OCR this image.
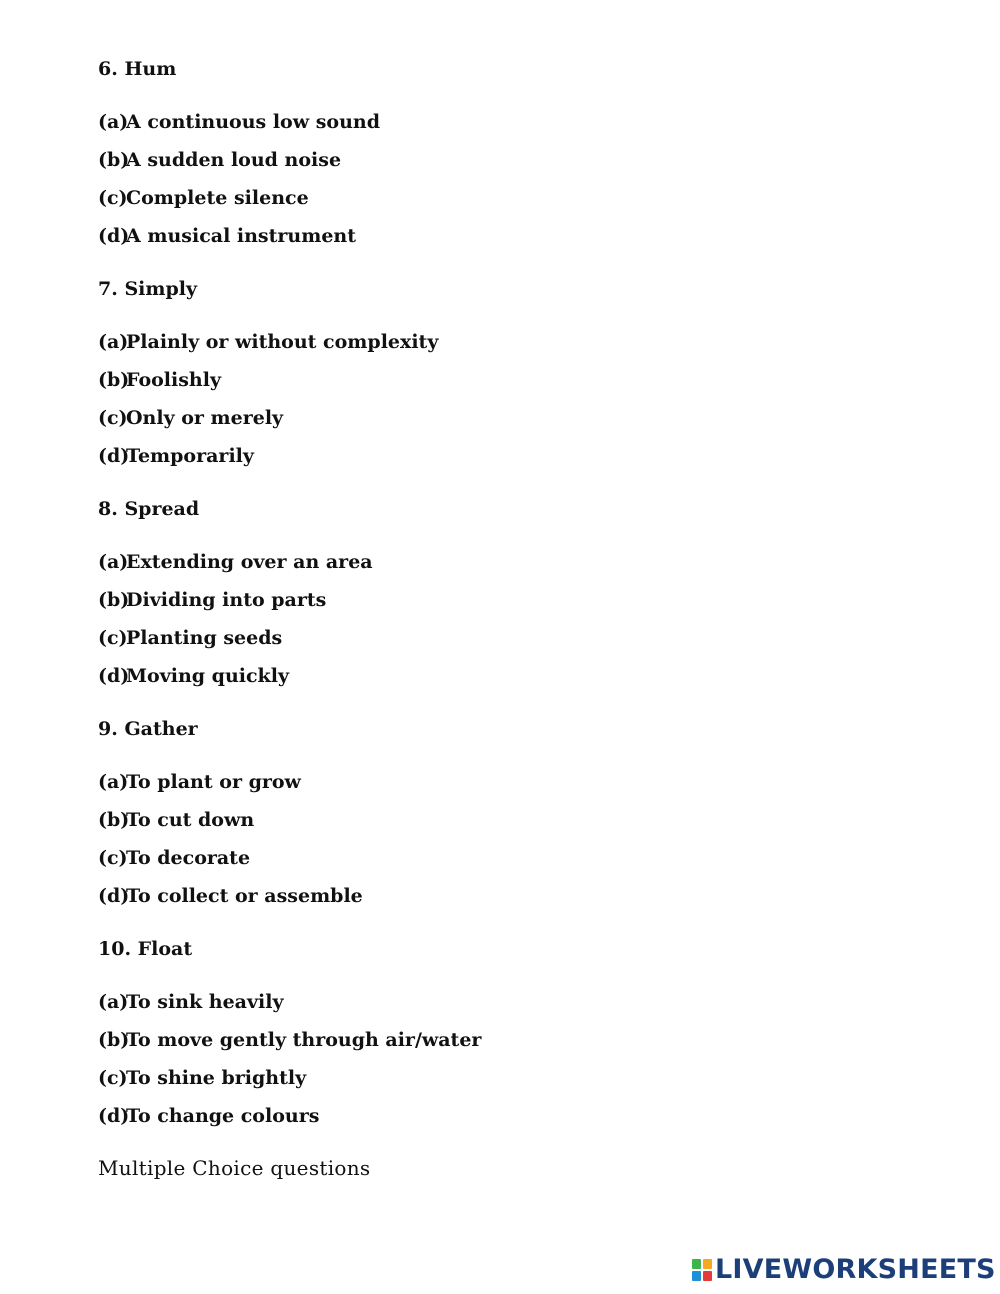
6. Hum
(a)
A continuous low sound
(b)
A sudden loud noise
(c)
Complete silence
(d)
A musical instrument
7. Simply
(a)
Plainly or without complexity
(b)
Foolishly
(c)
Only or merely
(d)
Temporarily
8. Spread
(a)
Extending over an area
(b)
Dividing into parts
(c)
Planting seeds
(d)
Moving quickly
9. Gather
(a)
To plant or grow
(b)
To cut down
(c)
To decorate
(d)
To collect or assemble
10. Float
(a)
To sink heavily
(b)
To move gently through air/water
(c)
To shine brightly
(d)
To change colours
Multiple Choice questions
LIVEWORKSHEETS
